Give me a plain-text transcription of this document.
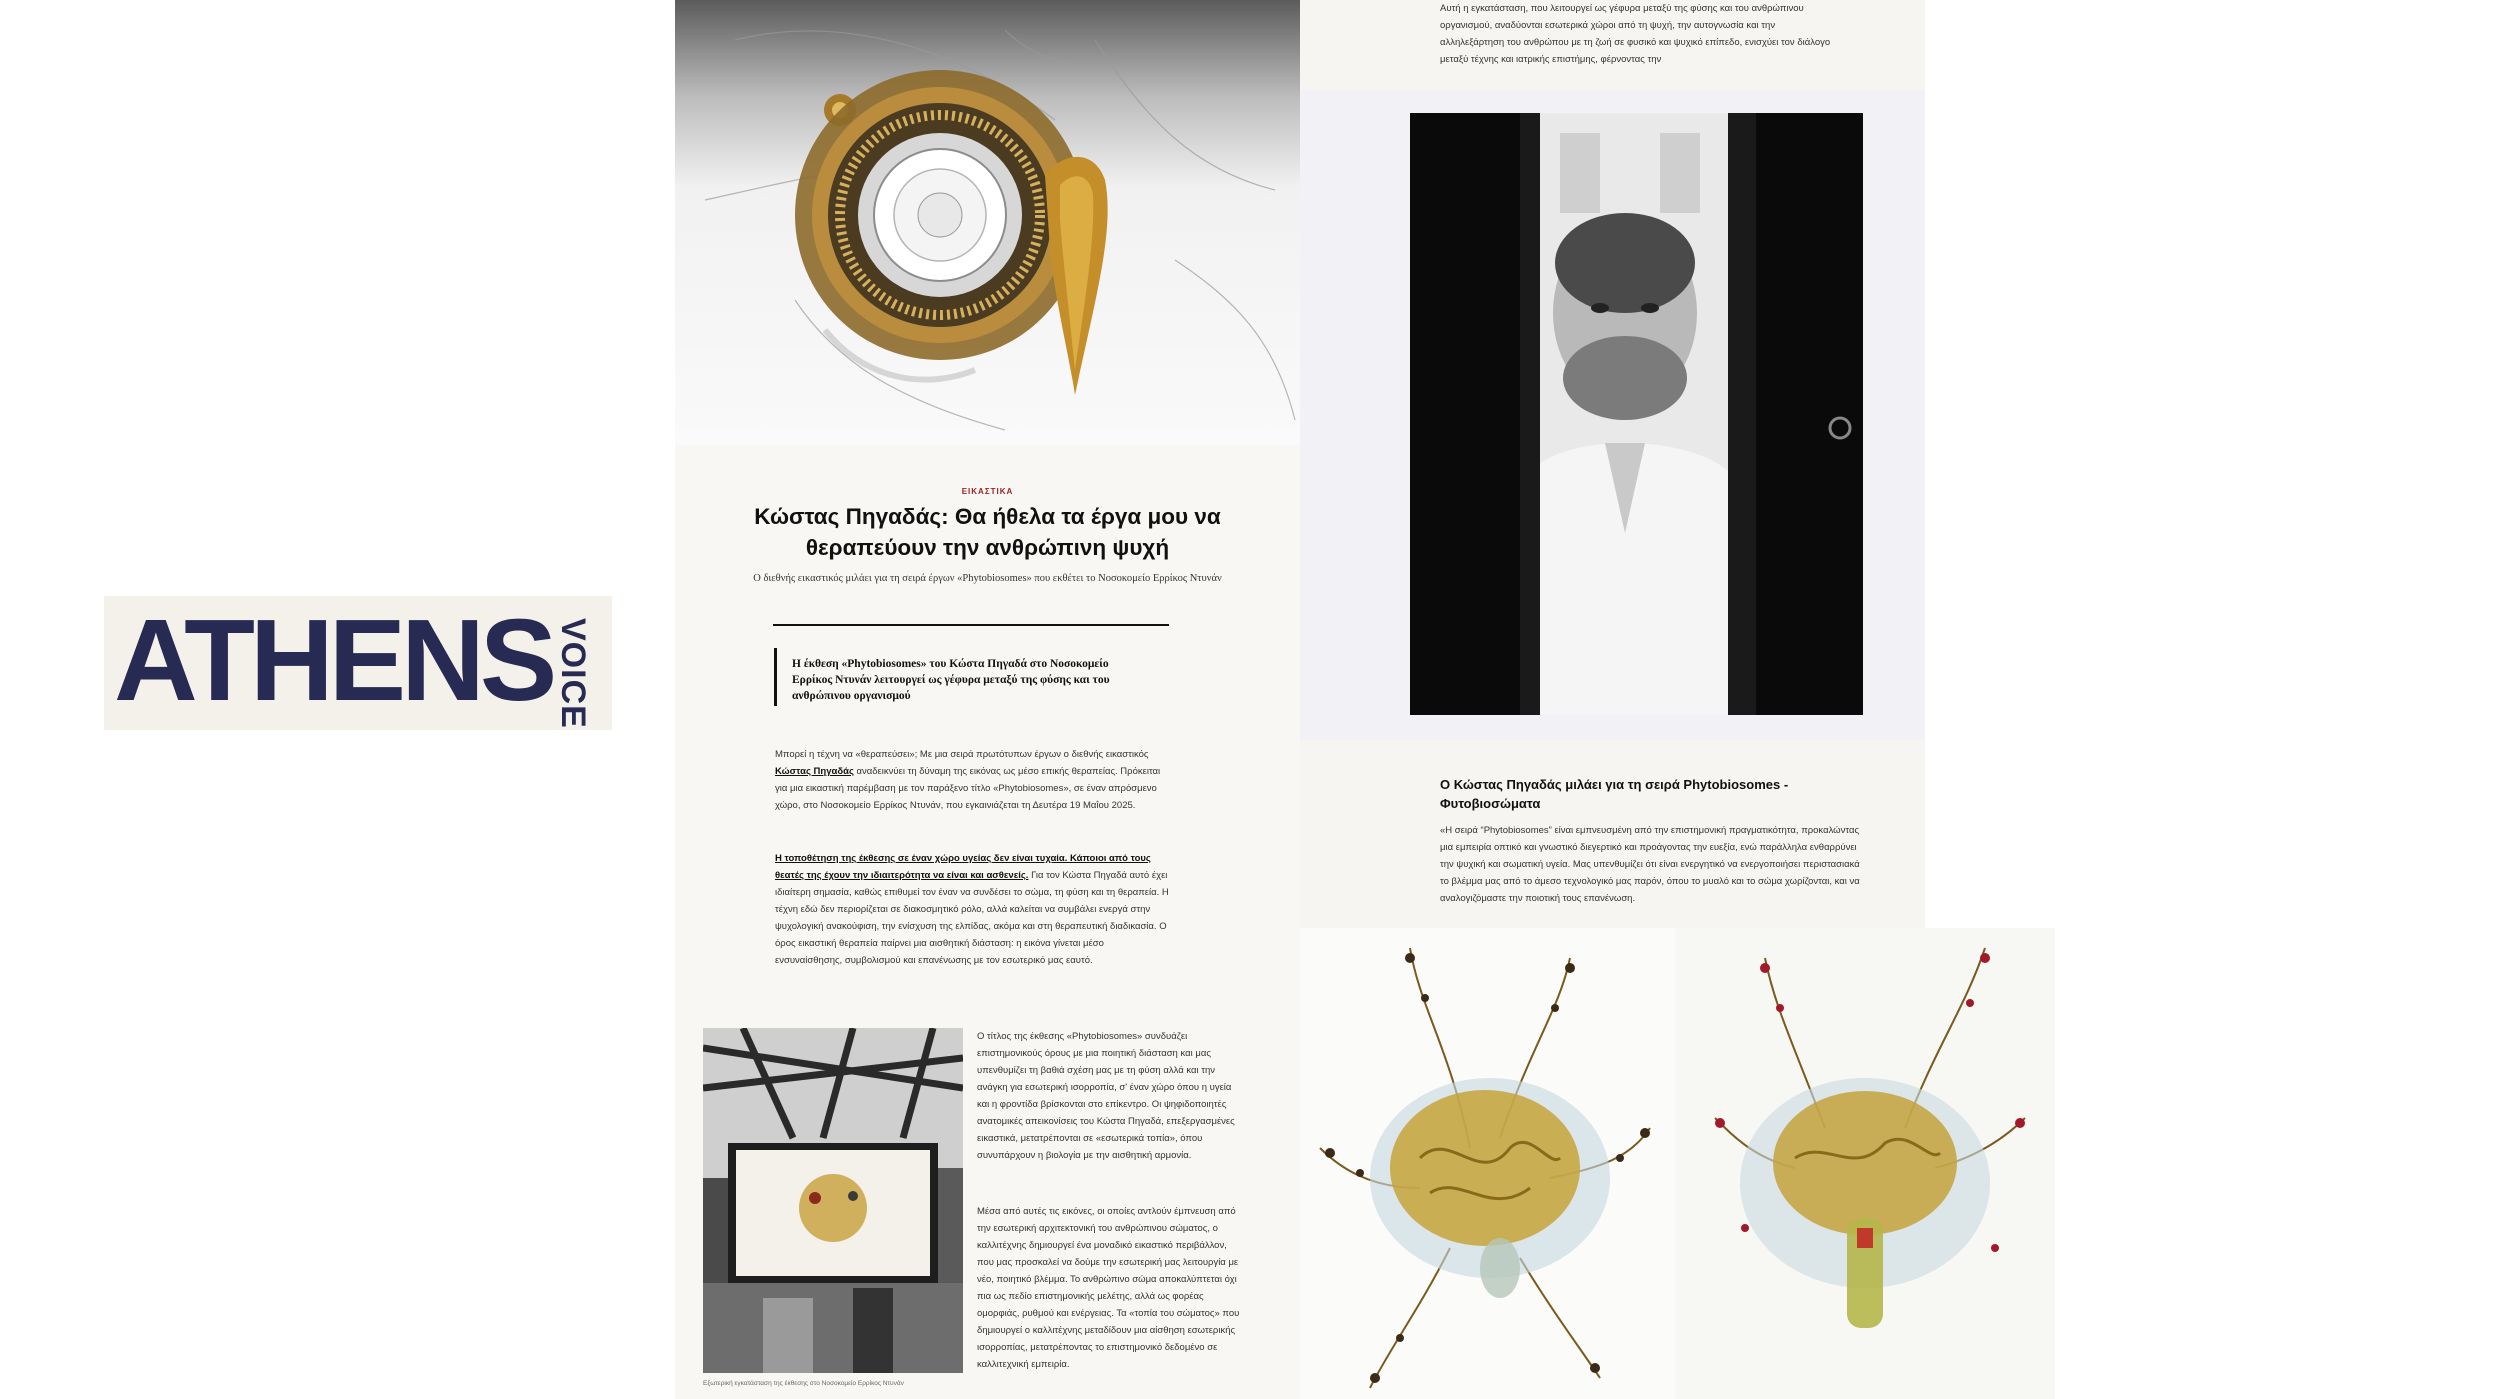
ATHENS VOICE
ΕΙΚΑΣΤΙΚΑ
Κώστας Πηγαδάς: Θα ήθελα τα έργα μου να θεραπεύουν την ανθρώπινη ψυχή
Ο διεθνής εικαστικός μιλάει για τη σειρά έργων «Phytobiosomes» που εκθέτει το Νοσοκομείο Ερρίκος Ντυνάν
Η έκθεση «Phytobiosomes» του Κώστα Πηγαδά στο Νοσοκομείο Ερρίκος Ντυνάν λειτουργεί ως γέφυρα μεταξύ της φύσης και του ανθρώπινου οργανισμού
Μπορεί η τέχνη να «θεραπεύσει»; Με μια σειρά πρωτότυπων έργων ο διεθνής εικαστικός Κώστας Πηγαδάς αναδεικνύει τη δύναμη της εικόνας ως μέσο επικής θεραπείας. Πρόκειται για μια εικαστική παρέμβαση με τον παράξενο τίτλο «Phytobiosomes», σε έναν απρόσμενο χώρο, στο Νοσοκομείο Ερρίκος Ντυνάν, που εγκαινιάζεται τη Δευτέρα 19 Μαΐου 2025.
Η τοποθέτηση της έκθεσης σε έναν χώρο υγείας δεν είναι τυχαία. Κάποιοι από τους θεατές της έχουν την ιδιαιτερότητα να είναι και ασθενείς. Για τον Κώστα Πηγαδά αυτό έχει ιδιαίτερη σημασία, καθώς επιθυμεί τον έναν να συνδέσει το σώμα, τη φύση και τη θεραπεία. Η τέχνη εδώ δεν περιορίζεται σε διακοσμητικό ρόλο, αλλά καλείται να συμβάλει ενεργά στην ψυχολογική ανακούφιση, την ενίσχυση της ελπίδας, ακόμα και στη θεραπευτική διαδικασία. Ο όρος εικαστική θεραπεία παίρνει μια αισθητική διάσταση: η εικόνα γίνεται μέσο ενσυναίσθησης, συμβολισμού και επανένωσης με τον εσωτερικό μας εαυτό.
Εξωτερική εγκατάσταση της έκθεσης στο Νοσοκομείο Ερρίκος Ντυνάν
Ο τίτλος της έκθεσης «Phytobiosomes» συνδυάζει επιστημονικούς όρους με μια ποιητική διάσταση και μας υπενθυμίζει τη βαθιά σχέση μας με τη φύση αλλά και την ανάγκη για εσωτερική ισορροπία, σ' έναν χώρο όπου η υγεία και η φροντίδα βρίσκονται στο επίκεντρο. Οι ψηφιδοποιητές ανατομικές απεικονίσεις του Κώστα Πηγαδά, επεξεργασμένες εικαστικά, μετατρέπονται σε «εσωτερικά τοπία», όπου συνυπάρχουν η βιολογία με την αισθητική αρμονία.
Μέσα από αυτές τις εικόνες, οι οποίες αντλούν έμπνευση από την εσωτερική αρχιτεκτονική του ανθρώπινου σώματος, ο καλλιτέχνης δημιουργεί ένα μοναδικό εικαστικό περιβάλλον, που μας προσκαλεί να δούμε την εσωτερική μας λειτουργία με νέο, ποιητικό βλέμμα. Το ανθρώπινο σώμα αποκαλύπτεται όχι πια ως πεδίο επιστημονικής μελέτης, αλλά ως φορέας ομορφιάς, ρυθμού και ενέργειας. Τα «τοπία του σώματος» που δημιουργεί ο καλλιτέχνης μεταδίδουν μια αίσθηση εσωτερικής ισορροπίας, μετατρέποντας το επιστημονικό δεδομένο σε καλλιτεχνική εμπειρία.
Αυτή η εγκατάσταση, που λειτουργεί ως γέφυρα μεταξύ της φύσης και του ανθρώπινου οργανισμού, αναδύονται εσωτερικά χώροι από τη ψυχή, την αυτογνωσία και την αλληλεξάρτηση του ανθρώπου με τη ζωή σε φυσικό και ψυχικό επίπεδο, ενισχύει τον διάλογο μεταξύ τέχνης και ιατρικής επιστήμης, φέρνοντας την
Ο Κώστας Πηγαδάς μιλάει για τη σειρά Phytobiosomes - Φυτοβιοσώματα
«Η σειρά “Phytobiosomes” είναι εμπνευσμένη από την επιστημονική πραγματικότητα, προκαλώντας μια εμπειρία οπτικό και γνωστικό διεγερτικό και προάγοντας την ευεξία, ενώ παράλληλα ενθαρρύνει την ψυχική και σωματική υγεία. Μας υπενθυμίζει ότι είναι ενεργητικό να ενεργοποιήσει περιστασιακά το βλέμμα μας από το άμεσο τεχνολογικό μας παρόν, όπου το μυαλό και το σώμα χωρίζονται, και να αναλογιζόμαστε την ποιοτική τους επανένωση.
